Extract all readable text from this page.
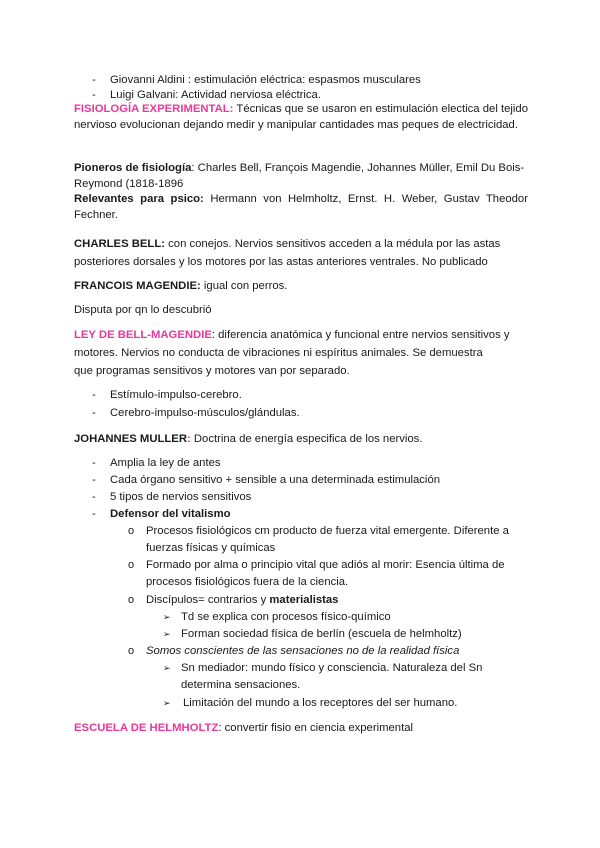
-	Giovanni Aldini : estimulación eléctrica: espasmos musculares
-	Luigi Galvani: Actividad nerviosa eléctrica.
FISIOLOGÍA EXPERIMENTAL: Técnicas que se usaron en estimulación electica del tejido nervioso evolucionan dejando medir y manipular cantidades mas peques de electricidad.
Pioneros de fisiología: Charles Bell, François Magendie, Johannes Müller, Emil Du Bois-Reymond (1818-1896
Relevantes para psico: Hermann von Helmholtz, Ernst. H. Weber, Gustav Theodor Fechner.
CHARLES BELL: con conejos. Nervios sensitivos acceden a la médula por las astas
posteriores dorsales y los motores por las astas anteriores ventrales. No publicado
FRANCOIS MAGENDIE: igual con perros.
Disputa por qn lo descubrió
LEY DE BELL-MAGENDIE: diferencia anatómica y funcional entre nervios sensitivos y
motores. Nervios no conducta de vibraciones ni espíritus animales. Se demuestra
que programas sensitivos y motores van por separado.
-	Estímulo-impulso-cerebro.
-	Cerebro-impulso-músculos/glándulas.
JOHANNES MULLER: Doctrina de energía especifica de los nervios.
-	Amplia la ley de antes
-	Cada órgano sensitivo + sensible a una determinada estimulación
-	5 tipos de nervios sensitivos
-	Defensor del vitalismo
o Procesos fisiológicos cm producto de fuerza vital emergente. Diferente a
fuerzas físicas y químicas
o Formado por alma o principio vital que adiós al morir: Esencia última de
procesos fisiológicos fuera de la ciencia.
o Discípulos= contrarios y materialistas
➢ Td se explica con procesos físico-químico
➢ Forman sociedad física de berlín (escuela de helmholtz)
o Somos conscientes de las sensaciones no de la realidad física
➢ Sn mediador: mundo físico y consciencia. Naturaleza del Sn
determina sensaciones.
➢ Limitación del mundo a los receptores del ser humano.
ESCUELA DE HELMHOLTZ: convertir fisio en ciencia experimental
